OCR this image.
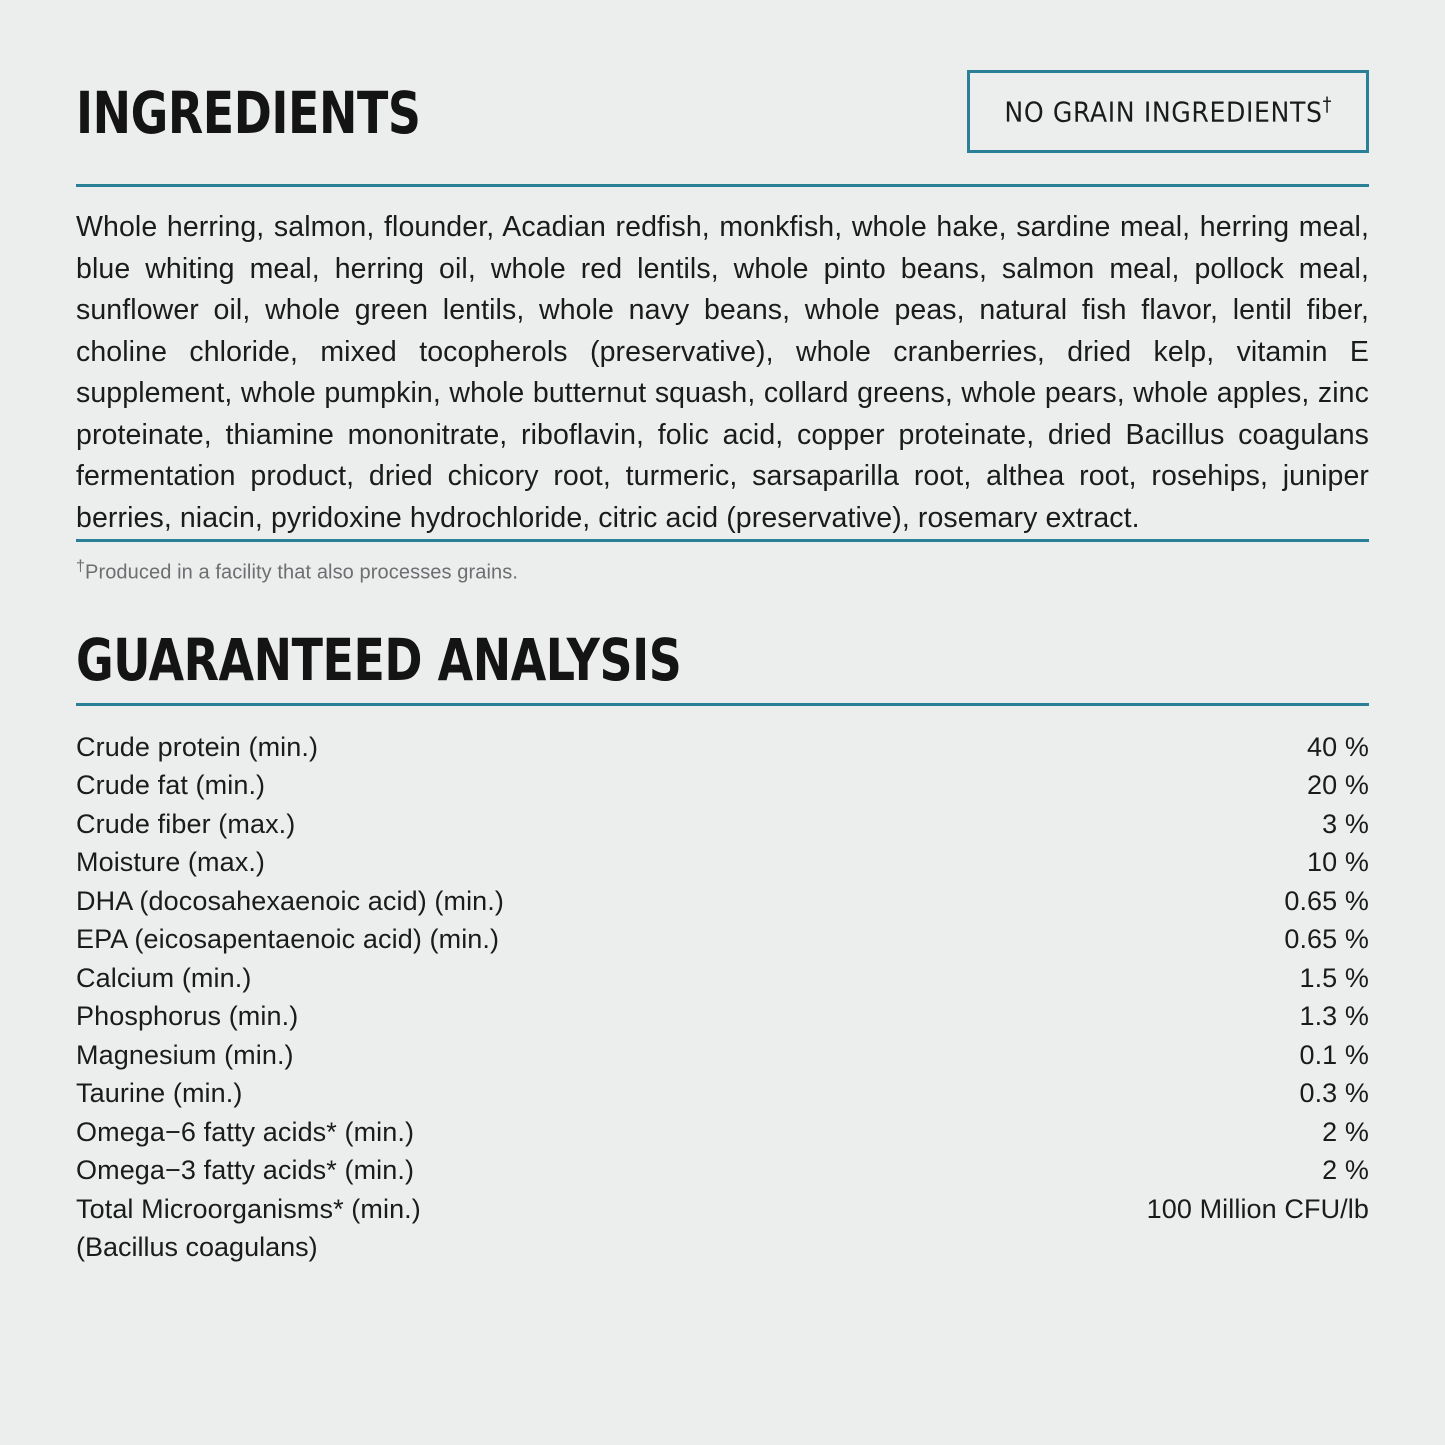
INGREDIENTS	NO GRAIN INGREDIENTS†
Whole herring, salmon, flounder, Acadian redfish, monkfish, whole hake, sardine meal, herring meal, blue whiting meal, herring oil, whole red lentils, whole pinto beans, salmon meal, pollock meal, sunflower oil, whole green lentils, whole navy beans, whole peas, natural fish flavor, lentil fiber, choline chloride, mixed tocopherols (preservative), whole cranberries, dried kelp, vitamin E supplement, whole pumpkin, whole butternut squash, collard greens, whole pears, whole apples, zinc proteinate, thiamine mononitrate, riboflavin, folic acid, copper proteinate, dried Bacillus coagulans fermentation product, dried chicory root, turmeric, sarsaparilla root, althea root, rosehips, juniper berries, niacin, pyridoxine hydrochloride, citric acid (preservative), rosemary extract.
†Produced in a facility that also processes grains.
GUARANTEED ANALYSIS
Crude protein (min.)	40 %
Crude fat (min.)	20 %
Crude fiber (max.)	3 %
Moisture (max.)	10 %
DHA (docosahexaenoic acid) (min.)	0.65 %
EPA (eicosapentaenoic acid) (min.)	0.65 %
Calcium (min.)	1.5 %
Phosphorus (min.)	1.3 %
Magnesium (min.)	0.1 %
Taurine (min.)	0.3 %
Omega−6 fatty acids* (min.)	2 %
Omega−3 fatty acids* (min.)	2 %
Total Microorganisms* (min.)	100 Million CFU/lb
(Bacillus coagulans)
